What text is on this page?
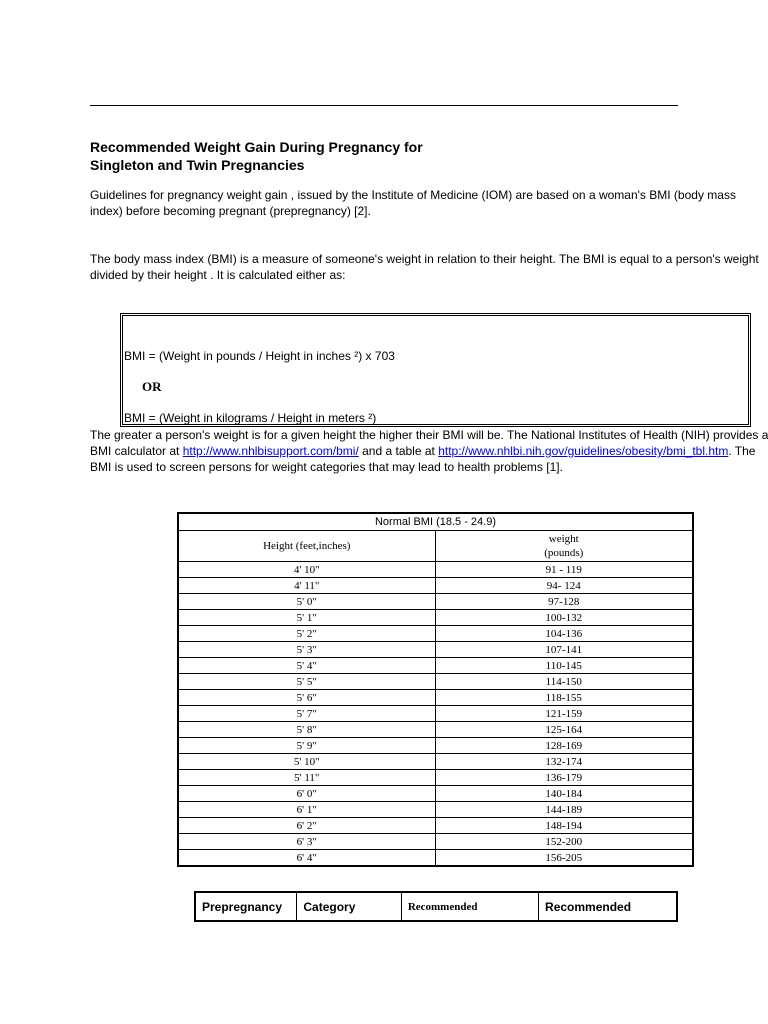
Recommended Weight Gain During Pregnancy for
Singleton and Twin Pregnancies

Guidelines for pregnancy weight gain , issued by the Institute of Medicine (IOM) are based on a woman's BMI (body mass index) before becoming pregnant (prepregnancy) [2].

The body mass index (BMI) is a measure of someone's weight in relation to their height. The BMI is equal to a person's weight divided by their height . It is calculated either as:

BMI = (Weight in pounds / Height in inches ²) x 703
OR
BMI = (Weight in kilograms / Height in meters ²)

The greater a person's weight is for a given height the higher their BMI will be. The National Institutes of Health (NIH) provides a BMI calculator at http://www.nhlbisupport.com/bmi/ and a table at http://www.nhlbi.nih.gov/guidelines/obesity/bmi_tbl.htm. The BMI is used to screen persons for weight categories that may lead to health problems [1].

Normal BMI (18.5 - 24.9)	
Height (feet,inches)	weight
(pounds)
4' 10"	91 - 119
4' 11"	94- 124
5' 0"	97-128
5' 1"	100-132
5' 2"	104-136
5' 3"	107-141
5' 4"	110-145
5' 5"	114-150
5' 6"	118-155
5' 7"	121-159
5' 8"	125-164
5' 9"	128-169
5' 10"	132-174
5' 11"	136-179
6' 0"	140-184
6' 1"	144-189
6' 2"	148-194
6' 3"	152-200
6' 4"	156-205
Prepregnancy	Category	Recommended	Recommended
